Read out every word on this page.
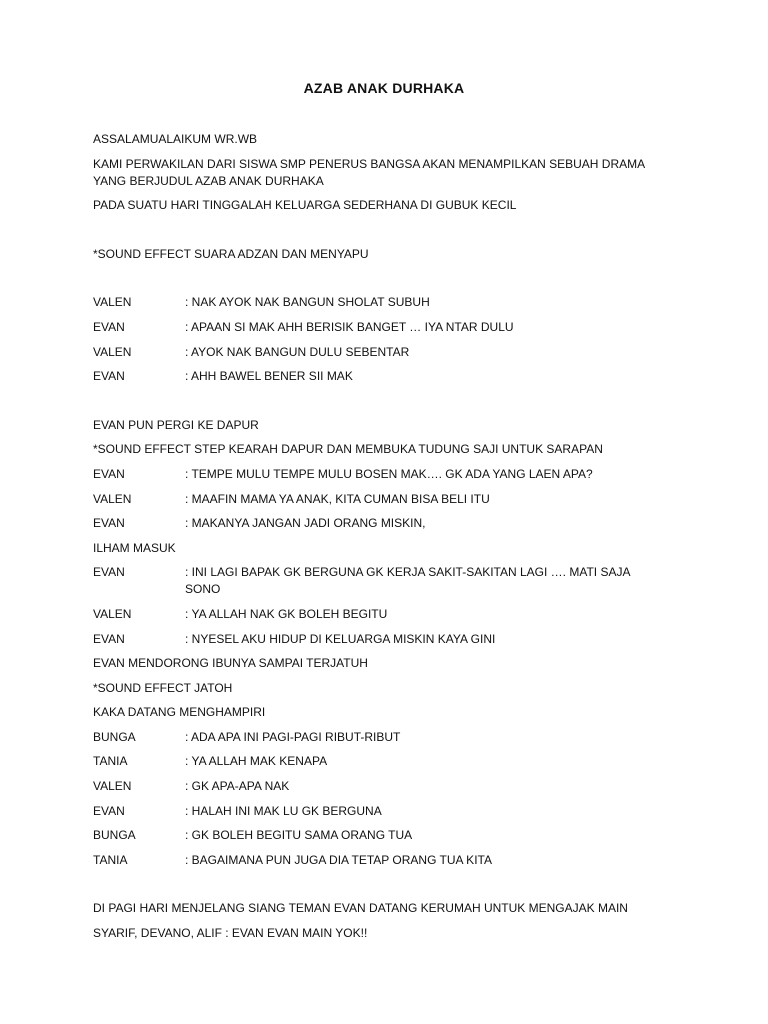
AZAB ANAK DURHAKA
ASSALAMUALAIKUM WR.WB
KAMI PERWAKILAN DARI SISWA SMP PENERUS BANGSA AKAN MENAMPILKAN SEBUAH DRAMA YANG BERJUDUL AZAB ANAK DURHAKA
PADA SUATU HARI TINGGALAH KELUARGA SEDERHANA DI GUBUK KECIL
*SOUND EFFECT SUARA ADZAN DAN MENYAPU
VALEN	: NAK AYOK NAK BANGUN SHOLAT SUBUH
EVAN	: APAAN SI MAK AHH BERISIK BANGET … IYA NTAR DULU
VALEN	: AYOK NAK BANGUN DULU SEBENTAR
EVAN	: AHH BAWEL BENER SII MAK
EVAN PUN PERGI KE DAPUR
*SOUND EFFECT STEP KEARAH DAPUR DAN MEMBUKA TUDUNG SAJI UNTUK SARAPAN
EVAN	: TEMPE MULU TEMPE MULU BOSEN MAK…. GK ADA YANG LAEN APA?
VALEN	: MAAFIN MAMA YA ANAK, KITA CUMAN BISA BELI ITU
EVAN	: MAKANYA JANGAN JADI ORANG MISKIN,
ILHAM MASUK
EVAN	: INI LAGI BAPAK GK BERGUNA GK KERJA SAKIT-SAKITAN LAGI …. MATI SAJA SONO
VALEN	: YA ALLAH NAK GK BOLEH BEGITU
EVAN	: NYESEL AKU HIDUP DI KELUARGA MISKIN KAYA GINI
EVAN MENDORONG IBUNYA SAMPAI TERJATUH
*SOUND EFFECT JATOH
KAKA DATANG MENGHAMPIRI
BUNGA	: ADA APA INI PAGI-PAGI RIBUT-RIBUT
TANIA	: YA ALLAH MAK KENAPA
VALEN	: GK APA-APA NAK
EVAN	: HALAH INI MAK LU GK BERGUNA
BUNGA	: GK BOLEH BEGITU SAMA ORANG TUA
TANIA	: BAGAIMANA PUN JUGA DIA TETAP ORANG TUA KITA
DI PAGI HARI MENJELANG SIANG TEMAN EVAN DATANG KERUMAH UNTUK MENGAJAK MAIN
SYARIF, DEVANO, ALIF : EVAN EVAN MAIN YOK!!
